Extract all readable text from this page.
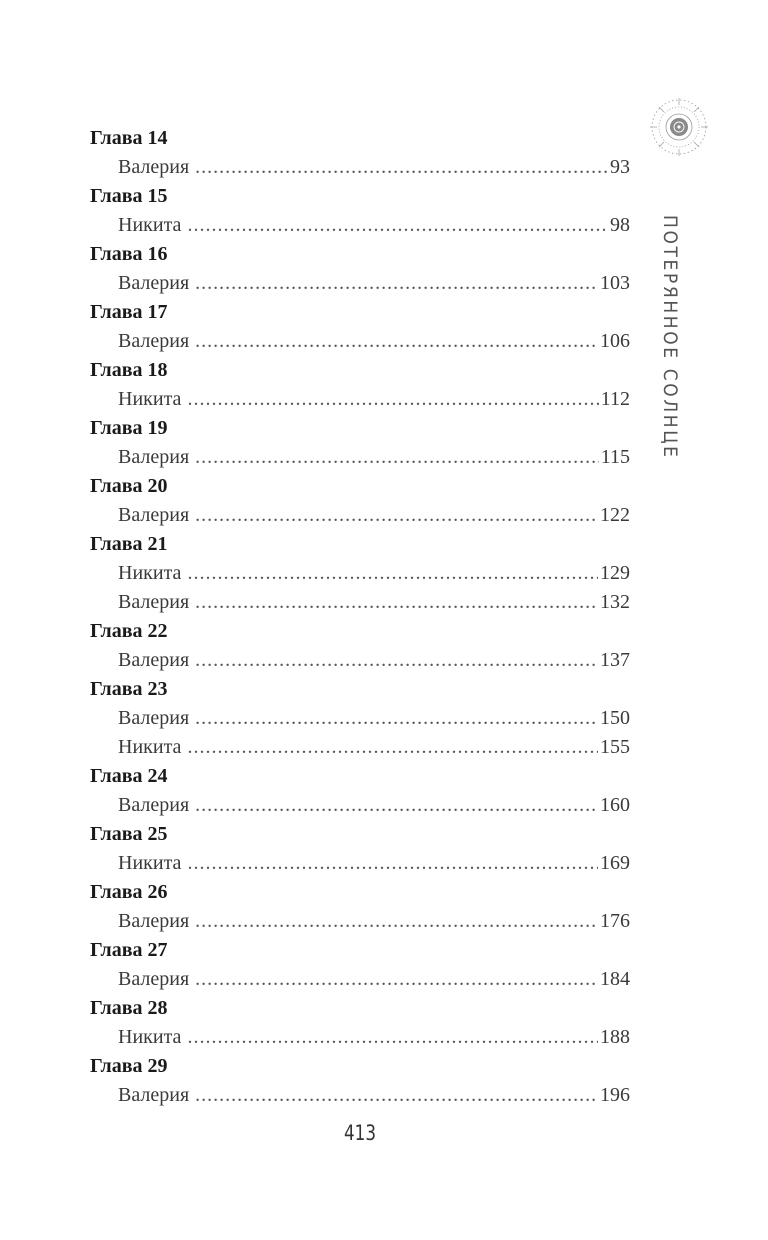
ПОТЕРЯННОЕ СОЛНЦЕ
Глава 14
Валерия .....	93
Глава 15
Никита .....	98
Глава 16
Валерия .....	103
Глава 17
Валерия .....	106
Глава 18
Никита .....	112
Глава 19
Валерия .....	115
Глава 20
Валерия .....	122
Глава 21
Никита .....	129
Валерия .....	132
Глава 22
Валерия .....	137
Глава 23
Валерия .....	150
Никита .....	155
Глава 24
Валерия .....	160
Глава 25
Никита .....	169
Глава 26
Валерия .....	176
Глава 27
Валерия .....	184
Глава 28
Никита .....	188
Глава 29
Валерия .....	196
413
